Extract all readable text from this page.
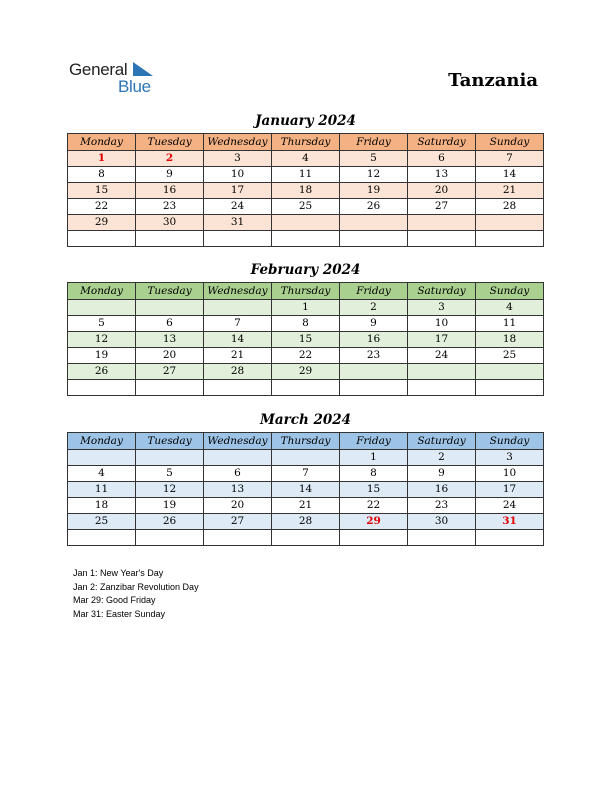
General
Blue	Tanzania
January 2024
Monday	Tuesday	Wednesday	Thursday	Friday	Saturday	Sunday
1	2	3	4	5	6	7
8	9	10	11	12	13	14
15	16	17	18	19	20	21
22	23	24	25	26	27	28
29	30	31				

February 2024
Monday	Tuesday	Wednesday	Thursday	Friday	Saturday	Sunday
			1	2	3	4
5	6	7	8	9	10	11
12	13	14	15	16	17	18
19	20	21	22	23	24	25
26	27	28	29			

March 2024
Monday	Tuesday	Wednesday	Thursday	Friday	Saturday	Sunday
				1	2	3
4	5	6	7	8	9	10
11	12	13	14	15	16	17
18	19	20	21	22	23	24
25	26	27	28	29	30	31

Jan 1: New Year's Day
Jan 2: Zanzibar Revolution Day
Mar 29: Good Friday
Mar 31: Easter Sunday
